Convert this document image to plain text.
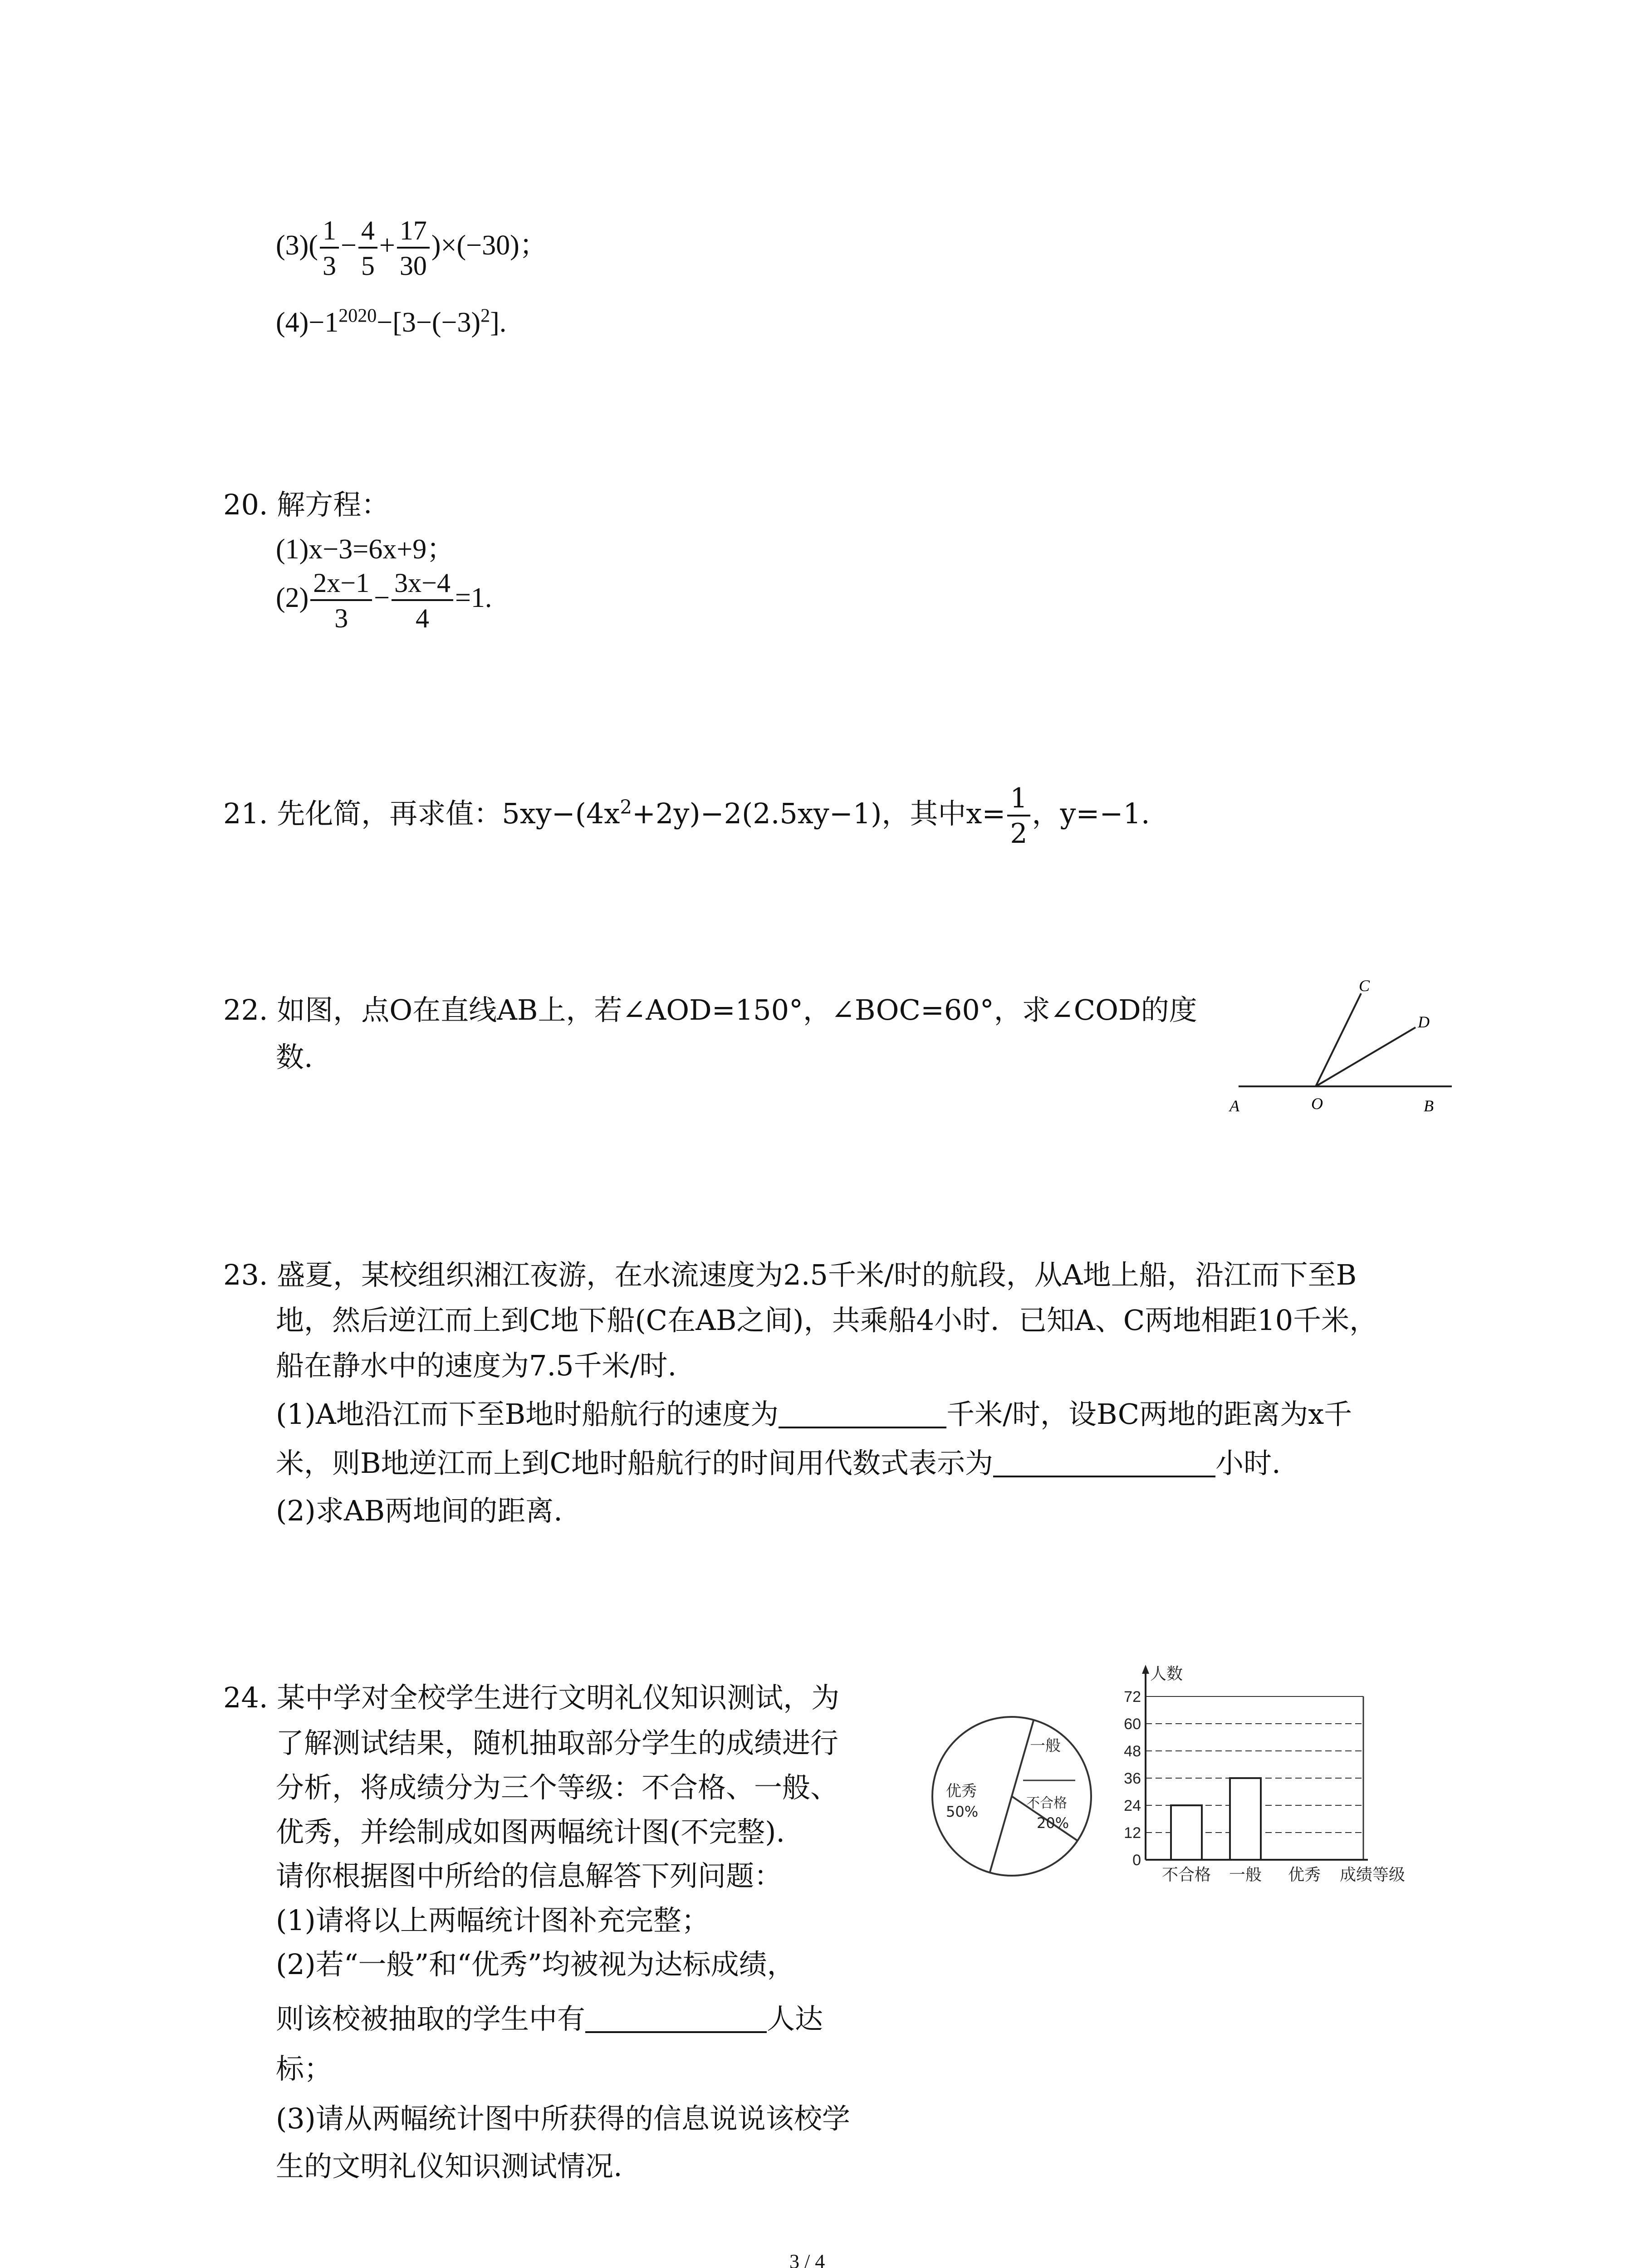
$(3)( \frac{1}{3} - \frac{4}{5} + \frac{17}{30} )\times(-30)$；
$(4)-1^{2020}-[3-(-3)^2]$.
20. 解方程：
(1)x−3=6x+9；
$(2) \frac{2x-1}{3} - \frac{3x-4}{4} =1$.
21. 先化简，再求值：$5xy-(4x^2+2y)-2(2.5xy-1)$，其中$x= \frac{1}{2}$ ，y=−1.
22. 如图，点O在直线AB上，若∠AOD=150°，∠BOC=60°，求∠COD的度
数.
A	O	B
C
D
23. 盛夏，某校组织湘江夜游，在水流速度为2.5千米/时的航段，从A地上船，沿江而下至B
地，然后逆江而上到C地下船(C在AB之间)，共乘船4小时．已知A、C两地相距10千米，
船在静水中的速度为7.5千米/时.
(1)A地沿江而下至B地时船航行的速度为	千米/时，设BC两地的距离为x千
米，则B地逆江而上到C地时船航行的时间用代数式表示为	小时.
(2)求AB两地间的距离.
24. 某中学对全校学生进行文明礼仪知识测试，为
了解测试结果，随机抽取部分学生的成绩进行
分析，将成绩分为三个等级：不合格、一般、
优秀，并绘制成如图两幅统计图(不完整).
请你根据图中所给的信息解答下列问题：
(1)请将以上两幅统计图补充完整；
(2)若“一般”和“优秀”均被视为达标成绩，
则该校被抽取的学生中有	人达
标；
(3)请从两幅统计图中所获得的信息说说该校学
生的文明礼仪知识测试情况.
一般
优秀
50%	不合格
20%
0
12
24
36
48
60
72
人数
不合格 一般 优秀 成绩等级
3 / 4
